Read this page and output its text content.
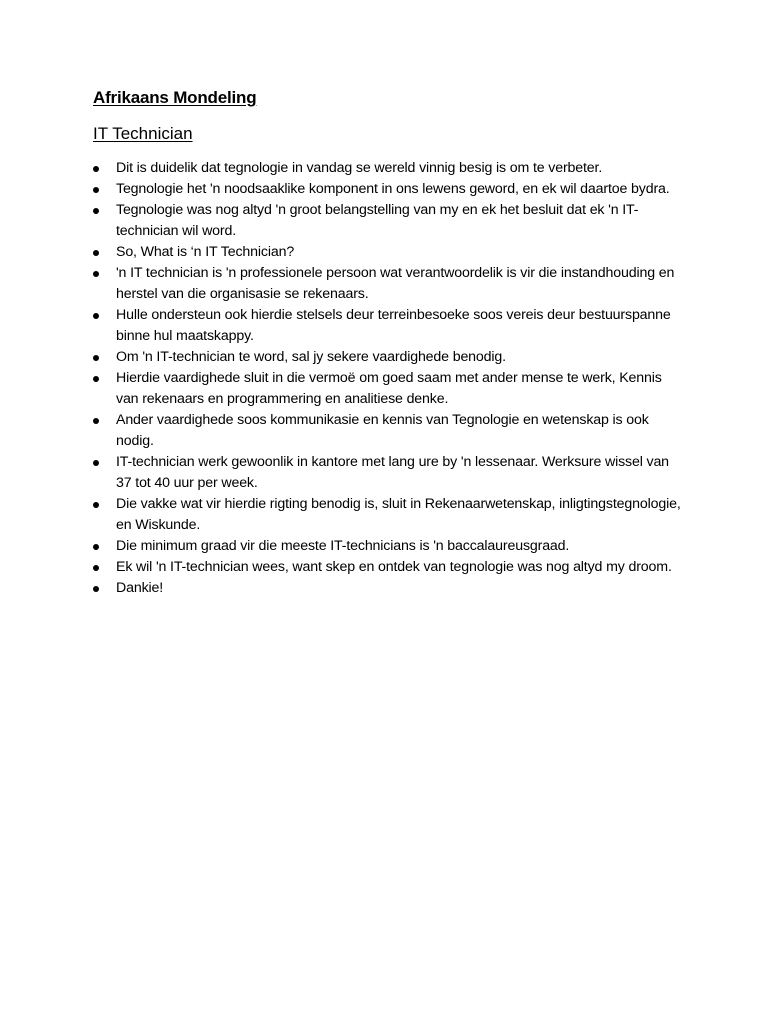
Afrikaans Mondeling
IT Technician
Dit is duidelik dat tegnologie in vandag se wereld vinnig besig is om te verbeter.
Tegnologie het 'n noodsaaklike komponent in ons lewens geword, en ek wil daartoe bydra.
Tegnologie was nog altyd 'n groot belangstelling van my en ek het besluit dat ek 'n IT-technician wil word.
So, What is ‘n IT Technician?
'n IT technician is 'n professionele persoon wat verantwoordelik is vir die instandhouding en herstel van die organisasie se rekenaars.
Hulle ondersteun ook hierdie stelsels deur terreinbesoeke soos vereis deur bestuurspanne binne hul maatskappy.
Om 'n IT-technician te word, sal jy sekere vaardighede benodig.
Hierdie vaardighede sluit in die vermoë om goed saam met ander mense te werk, Kennis van rekenaars en programmering en analitiese denke.
Ander vaardighede soos kommunikasie en kennis van Tegnologie en wetenskap is ook nodig.
IT-technician werk gewoonlik in kantore met lang ure by 'n lessenaar. Werksure wissel van 37 tot 40 uur per week.
Die vakke wat vir hierdie rigting benodig is, sluit in Rekenaarwetenskap, inligtingstegnologie, en Wiskunde.
Die minimum graad vir die meeste IT-technicians is 'n baccalaureusgraad.
Ek wil 'n IT-technician wees, want skep en ontdek van tegnologie was nog altyd my droom.
Dankie!
